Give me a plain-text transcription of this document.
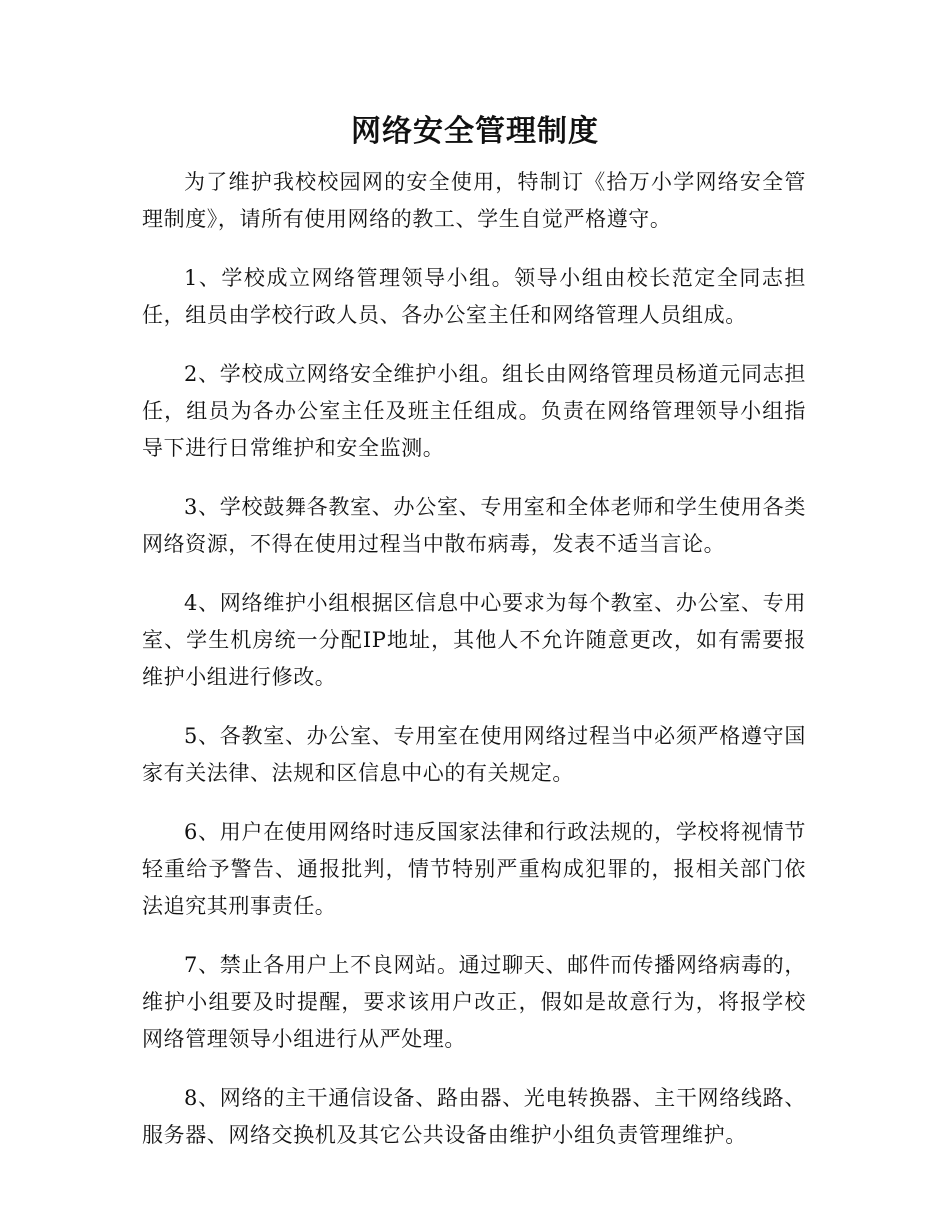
网络安全管理制度

为了维护我校校园网的安全使用，特制订《拾万小学网络安全管理制度》，请所有使用网络的教工、学生自觉严格遵守。

1、学校成立网络管理领导小组。领导小组由校长范定全同志担任，组员由学校行政人员、各办公室主任和网络管理人员组成。

2、学校成立网络安全维护小组。组长由网络管理员杨道元同志担任，组员为各办公室主任及班主任组成。负责在网络管理领导小组指导下进行日常维护和安全监测。

3、学校鼓舞各教室、办公室、专用室和全体老师和学生使用各类网络资源，不得在使用过程当中散布病毒，发表不适当言论。

4、网络维护小组根据区信息中心要求为每个教室、办公室、专用室、学生机房统一分配IP地址，其他人不允许随意更改，如有需要报维护小组进行修改。

5、各教室、办公室、专用室在使用网络过程当中必须严格遵守国家有关法律、法规和区信息中心的有关规定。

6、用户在使用网络时违反国家法律和行政法规的，学校将视情节轻重给予警告、通报批判，情节特别严重构成犯罪的，报相关部门依法追究其刑事责任。

7、禁止各用户上不良网站。通过聊天、邮件而传播网络病毒的，维护小组要及时提醒，要求该用户改正，假如是故意行为，将报学校网络管理领导小组进行从严处理。

8、网络的主干通信设备、路由器、光电转换器、主干网络线路、服务器、网络交换机及其它公共设备由维护小组负责管理维护。
